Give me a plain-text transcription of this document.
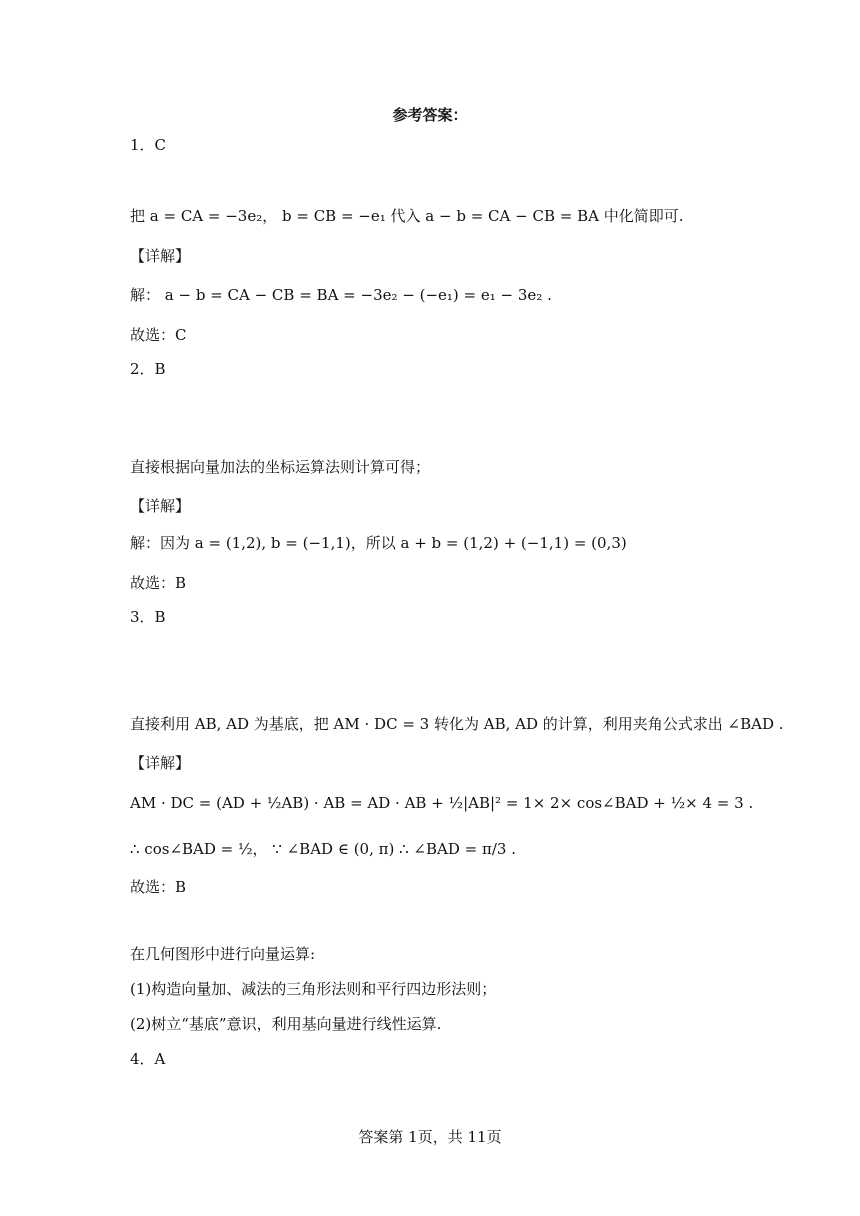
参考答案：
1．C
把 a = CA = −3e₂， b = CB = −e₁ 代入 a − b = CA − CB = BA 中化简即可.
【详解】
解： a − b = CA − CB = BA = −3e₂ − (−e₁) = e₁ − 3e₂ .
故选：C
2．B
直接根据向量加法的坐标运算法则计算可得；
【详解】
解：因为 a = (1,2), b = (−1,1)，所以 a + b = (1,2) + (−1,1) = (0,3)
故选：B
3．B
直接利用 AB, AD 为基底，把 AM · DC = 3 转化为 AB, AD 的计算，利用夹角公式求出 ∠BAD .
【详解】
AM · DC = (AD + ½AB) · AB = AD · AB + ½|AB|² = 1× 2× cos∠BAD + ½× 4 = 3 .
∴ cos∠BAD = ½， ∵ ∠BAD ∈ (0, π) ∴ ∠BAD = π/3 .
故选：B
在几何图形中进行向量运算:
(1)构造向量加、减法的三角形法则和平行四边形法则；
(2)树立“基底”意识，利用基向量进行线性运算.
4．A
答案第 1页，共 11页
